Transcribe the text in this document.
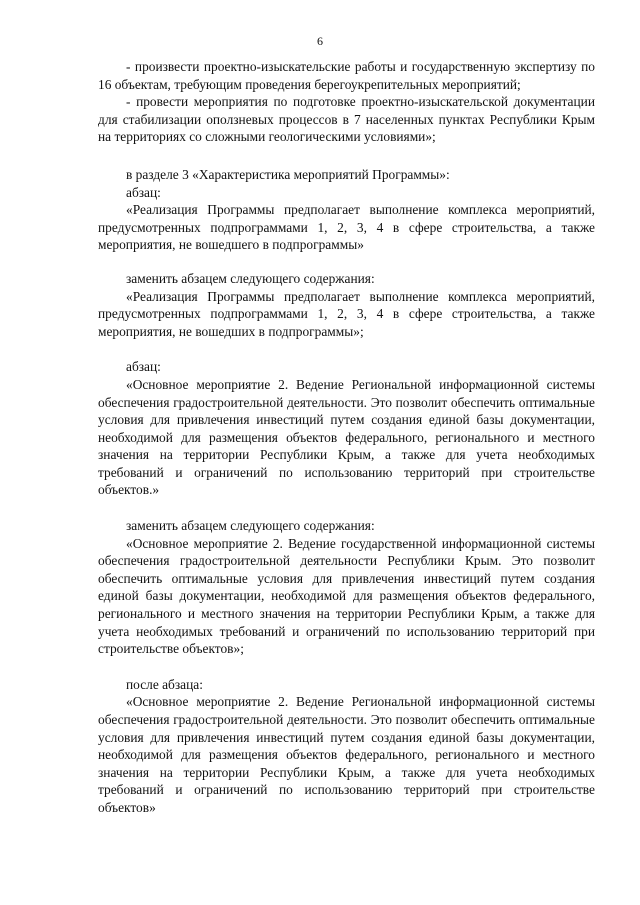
6

- произвести проектно-изыскательские работы и государственную экспертизу по 16 объектам, требующим проведения берегоукрепительных мероприятий;

- провести мероприятия по подготовке проектно-изыскательской документации для стабилизации оползневых процессов в 7 населенных пунктах Республики Крым на территориях со сложными геологическими условиями»;

в разделе 3 «Характеристика мероприятий Программы»:

абзац:

«Реализация Программы предполагает выполнение комплекса мероприятий, предусмотренных подпрограммами 1, 2, 3, 4 в сфере строительства, а также мероприятия, не вошедшего в подпрограммы»

заменить абзацем следующего содержания:

«Реализация Программы предполагает выполнение комплекса мероприятий, предусмотренных подпрограммами 1, 2, 3, 4 в сфере строительства, а также мероприятия, не вошедших в подпрограммы»;

абзац:

«Основное мероприятие 2. Ведение Региональной информационной системы обеспечения градостроительной деятельности. Это позволит обеспечить оптимальные условия для привлечения инвестиций путем создания единой базы документации, необходимой для размещения объектов федерального, регионального и местного значения на территории Республики Крым, а также для учета необходимых требований и ограничений по использованию территорий при строительстве объектов.»

заменить абзацем следующего содержания:

«Основное мероприятие 2. Ведение государственной информационной системы обеспечения градостроительной деятельности Республики Крым. Это позволит обеспечить оптимальные условия для привлечения инвестиций путем создания единой базы документации, необходимой для размещения объектов федерального, регионального и местного значения на территории Республики Крым, а также для учета необходимых требований и ограничений по использованию территорий при строительстве объектов»;

после абзаца:

«Основное мероприятие 2. Ведение Региональной информационной системы обеспечения градостроительной деятельности. Это позволит обеспечить оптимальные условия для привлечения инвестиций путем создания единой базы документации, необходимой для размещения объектов федерального, регионального и местного значения на территории Республики Крым, а также для учета необходимых требований и ограничений по использованию территорий при строительстве объектов»
